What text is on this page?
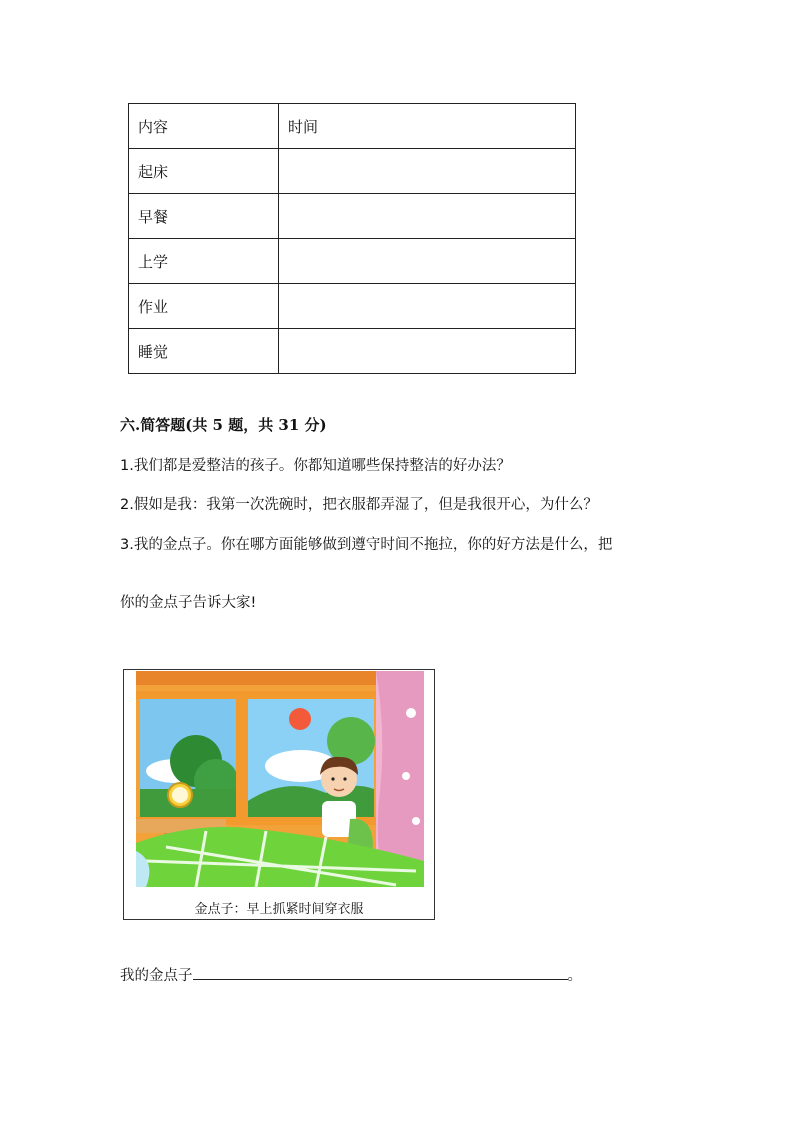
内容	时间
起床	
早餐	
上学	
作业	
睡觉	
六.简答题(共 5 题，共 31 分)
1.我们都是爱整洁的孩子。你都知道哪些保持整洁的好办法？
2.假如是我：我第一次洗碗时，把衣服都弄湿了，但是我很开心，为什么？
3.我的金点子。你在哪方面能够做到遵守时间不拖拉，你的好方法是什么，把
你的金点子告诉大家!
金点子：早上抓紧时间穿衣服
我的金点子	。
